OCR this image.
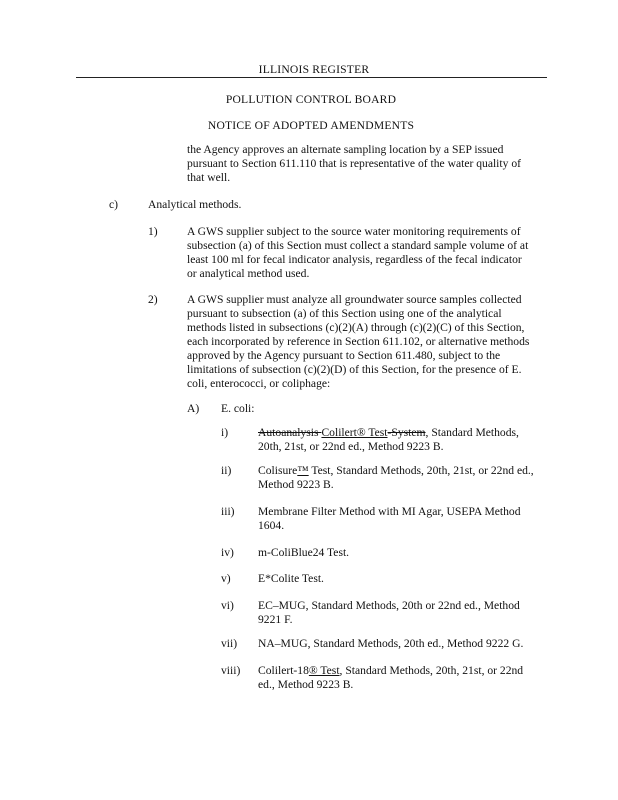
ILLINOIS REGISTER
POLLUTION CONTROL BOARD
NOTICE OF ADOPTED AMENDMENTS
the Agency approves an alternate sampling location by a SEP issued
pursuant to Section 611.110 that is representative of the water quality of
that well.
c)	Analytical methods.
1)	A GWS supplier subject to the source water monitoring requirements of
subsection (a) of this Section must collect a standard sample volume of at
least 100 ml for fecal indicator analysis, regardless of the fecal indicator
or analytical method used.
2)	A GWS supplier must analyze all groundwater source samples collected
pursuant to subsection (a) of this Section using one of the analytical
methods listed in subsections (c)(2)(A) through (c)(2)(C) of this Section,
each incorporated by reference in Section 611.102, or alternative methods
approved by the Agency pursuant to Section 611.480, subject to the
limitations of subsection (c)(2)(D) of this Section, for the presence of E.
coli, enterococci, or coliphage:
A) E. coli:
i)	Autoanalysis Colilert® Test-System, Standard Methods,
20th, 21st, or 22nd ed., Method 9223 B.
ii) Colisure™ Test, Standard Methods, 20th, 21st, or 22nd ed.,
Method 9223 B.
iii) Membrane Filter Method with MI Agar, USEPA Method
1604.
iv) m-ColiBlue24 Test.
v) E*Colite Test.
vi) EC–MUG, Standard Methods, 20th or 22nd ed., Method
9221 F.
vii) NA–MUG, Standard Methods, 20th ed., Method 9222 G.
viii) Colilert-18® Test, Standard Methods, 20th, 21st, or 22nd
ed., Method 9223 B.
